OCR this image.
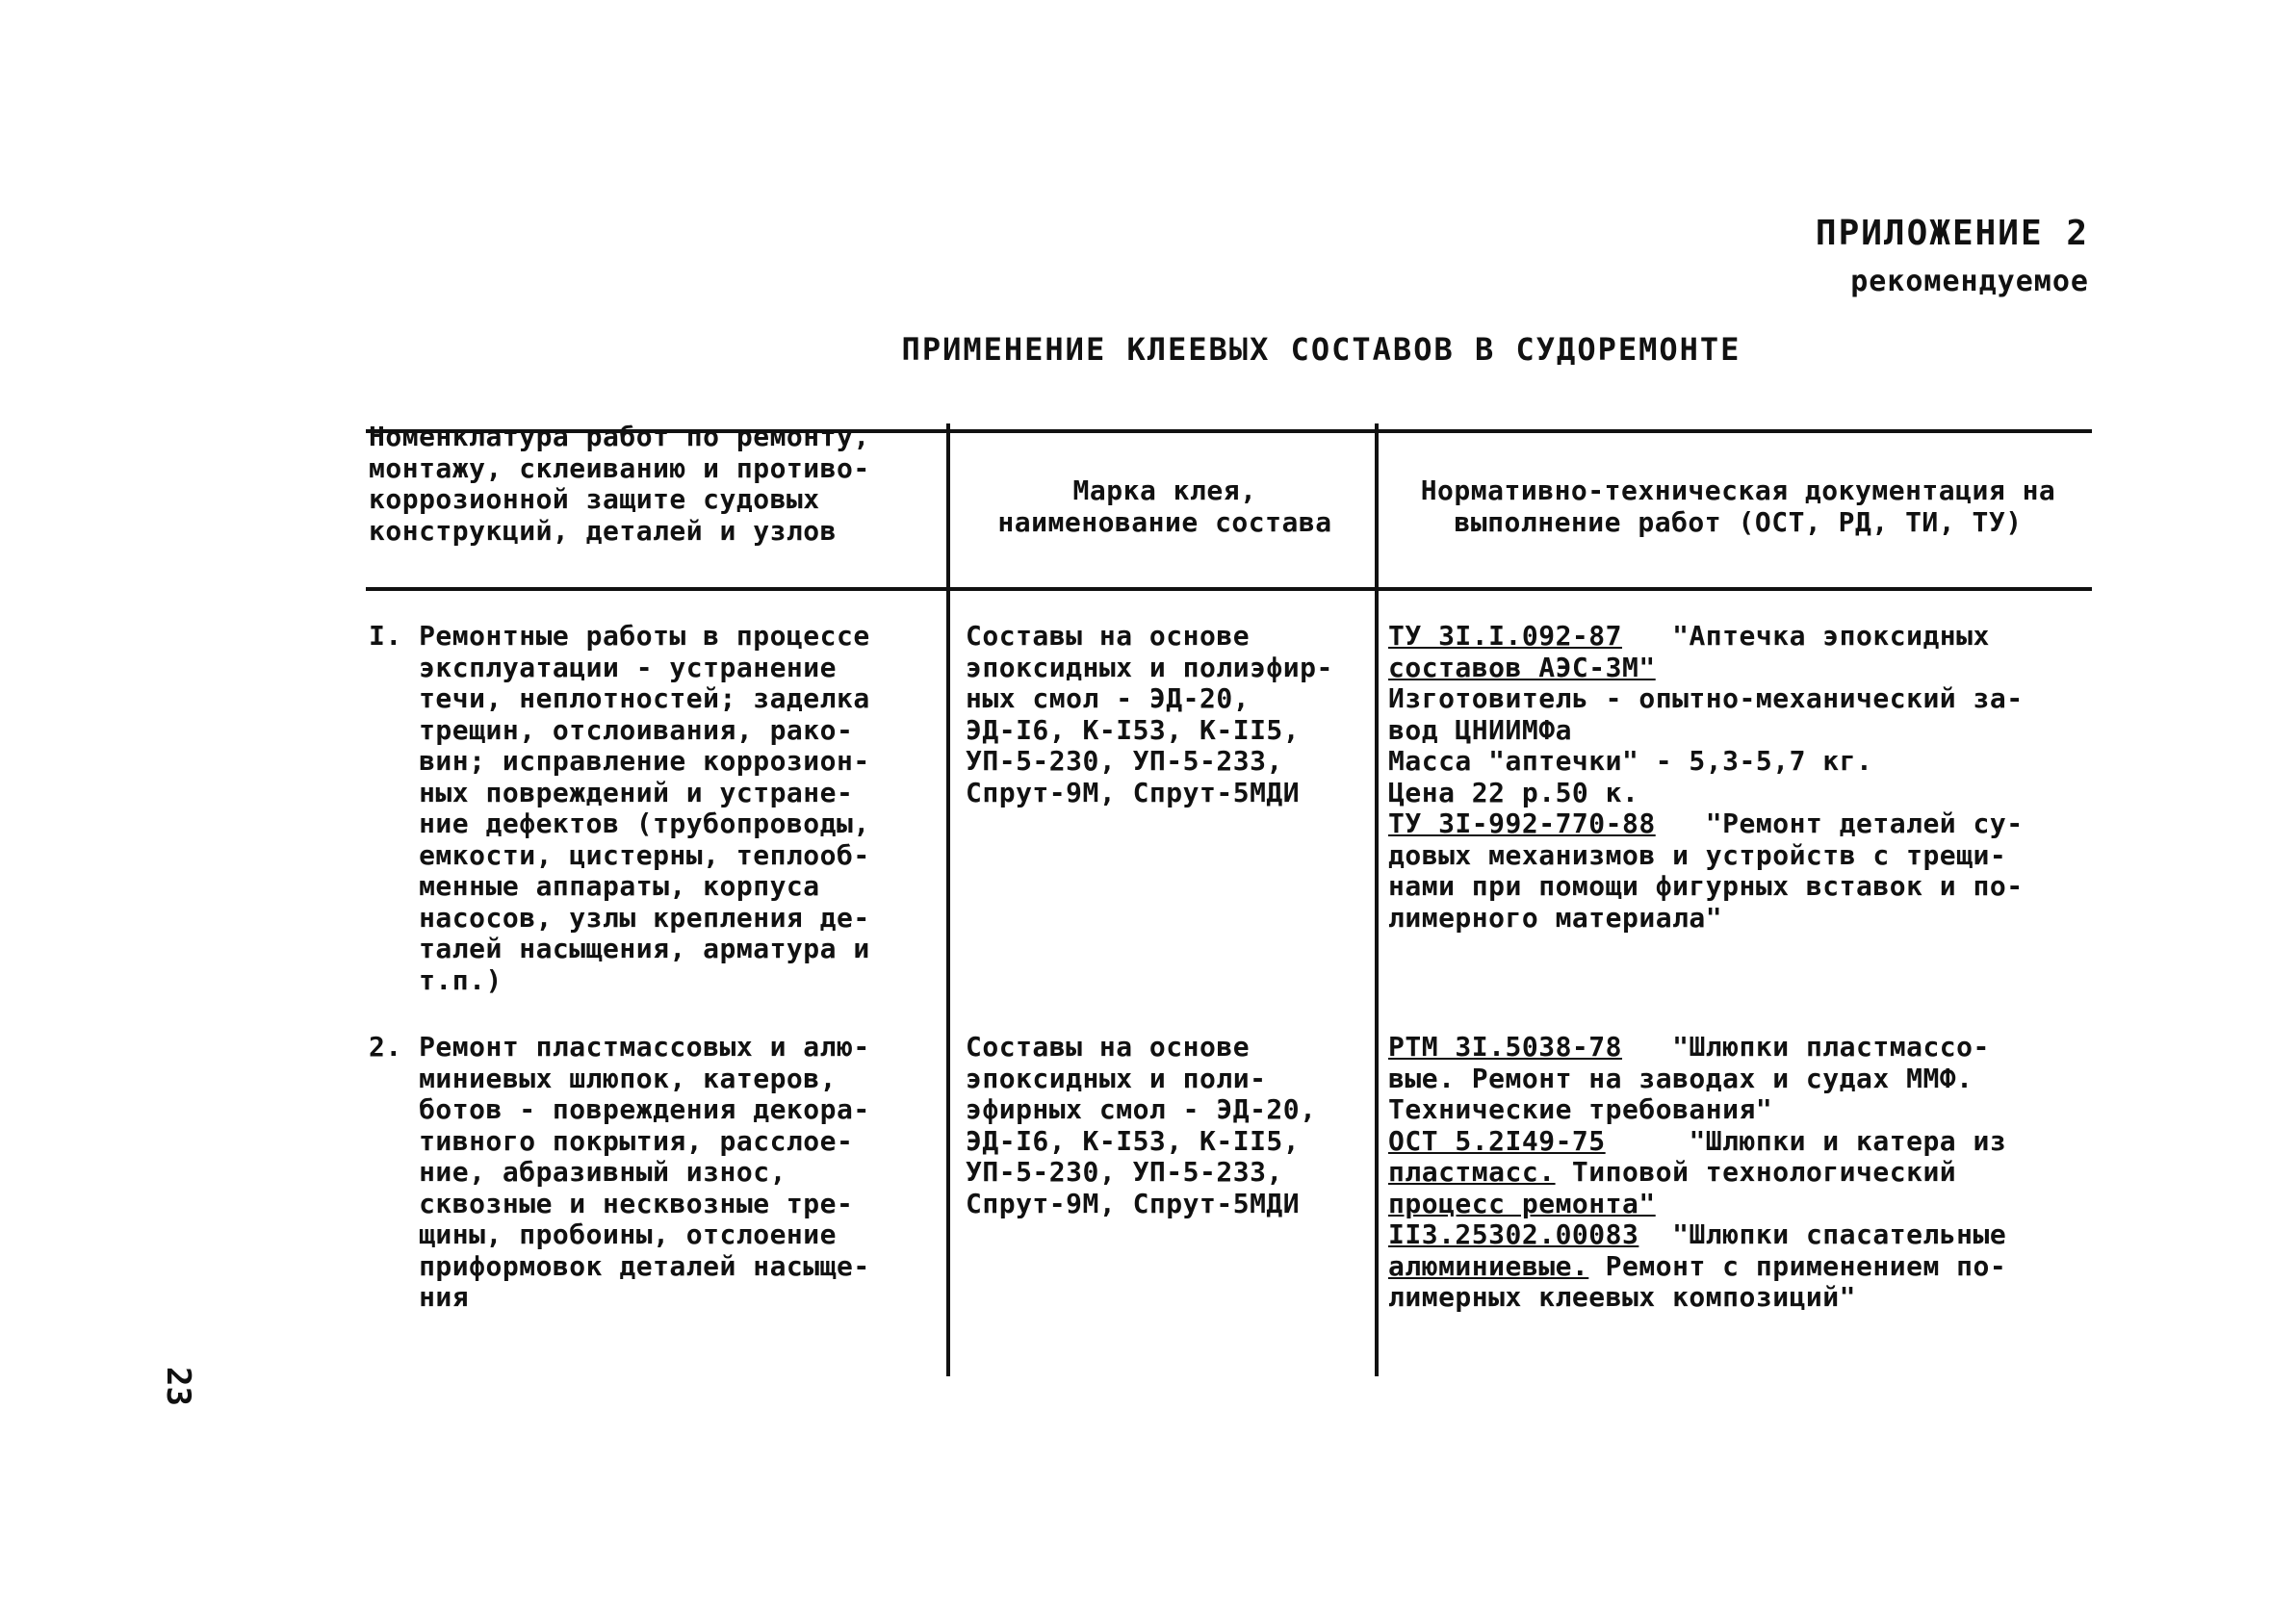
ПРИЛОЖЕНИЕ 2
рекомендуемое
ПРИМЕНЕНИЕ КЛЕЕВЫХ СОСТАВОВ В СУДОРЕМОНТЕ
Номенклатура работ по ремонту,
монтажу, склеиванию и противо-
коррозионной защите судовых
конструкций, деталей и узлов
Марка клея,
наименование состава
Нормативно-техническая документация на
выполнение работ (ОСТ, РД, ТИ, ТУ)
I. Ремонтные работы в процессе
эксплуатации - устранение
течи, неплотностей; заделка
трещин, отслоивания, рако-
вин; исправление коррозион-
ных повреждений и устране-
ние дефектов (трубопроводы,
емкости, цистерны, теплооб-
менные аппараты, корпуса
насосов, узлы крепления де-
талей насыщения, арматура и
т.п.)
Составы на основе
эпоксидных и полиэфир-
ных смол - ЭД-20,
ЭД-I6, К-I53, К-II5,
УП-5-230, УП-5-233,
Спрут-9М, Спрут-5МДИ
ТУ 3I.I.092-87   "Аптечка эпоксидных
составов АЭС-3М"
Изготовитель - опытно-механический за-
вод ЦНИИМФа
Масса "аптечки" - 5,3-5,7 кг.
Цена 22 р.50 к.
ТУ 3I-992-770-88   "Ремонт деталей су-
довых механизмов и устройств с трещи-
нами при помощи фигурных вставок и по-
лимерного материала"
2. Ремонт пластмассовых и алю-
миниевых шлюпок, катеров,
ботов - повреждения декора-
тивного покрытия, расслое-
ние, абразивный износ,
сквозные и несквозные тре-
щины, пробоины, отслоение
приформовок деталей насыще-
ния
Составы на основе
эпоксидных и поли-
эфирных смол - ЭД-20,
ЭД-I6, К-I53, К-II5,
УП-5-230, УП-5-233,
Спрут-9М, Спрут-5МДИ
РТМ 3I.5038-78   "Шлюпки пластмассо-
вые. Ремонт на заводах и судах ММФ.
Технические требования"
ОСТ 5.2I49-75     "Шлюпки и катера из
пластмасс. Типовой технологический
процесс ремонта"
II3.25302.00083  "Шлюпки спасательные
алюминиевые. Ремонт с применением по-
лимерных клеевых композиций"
23
